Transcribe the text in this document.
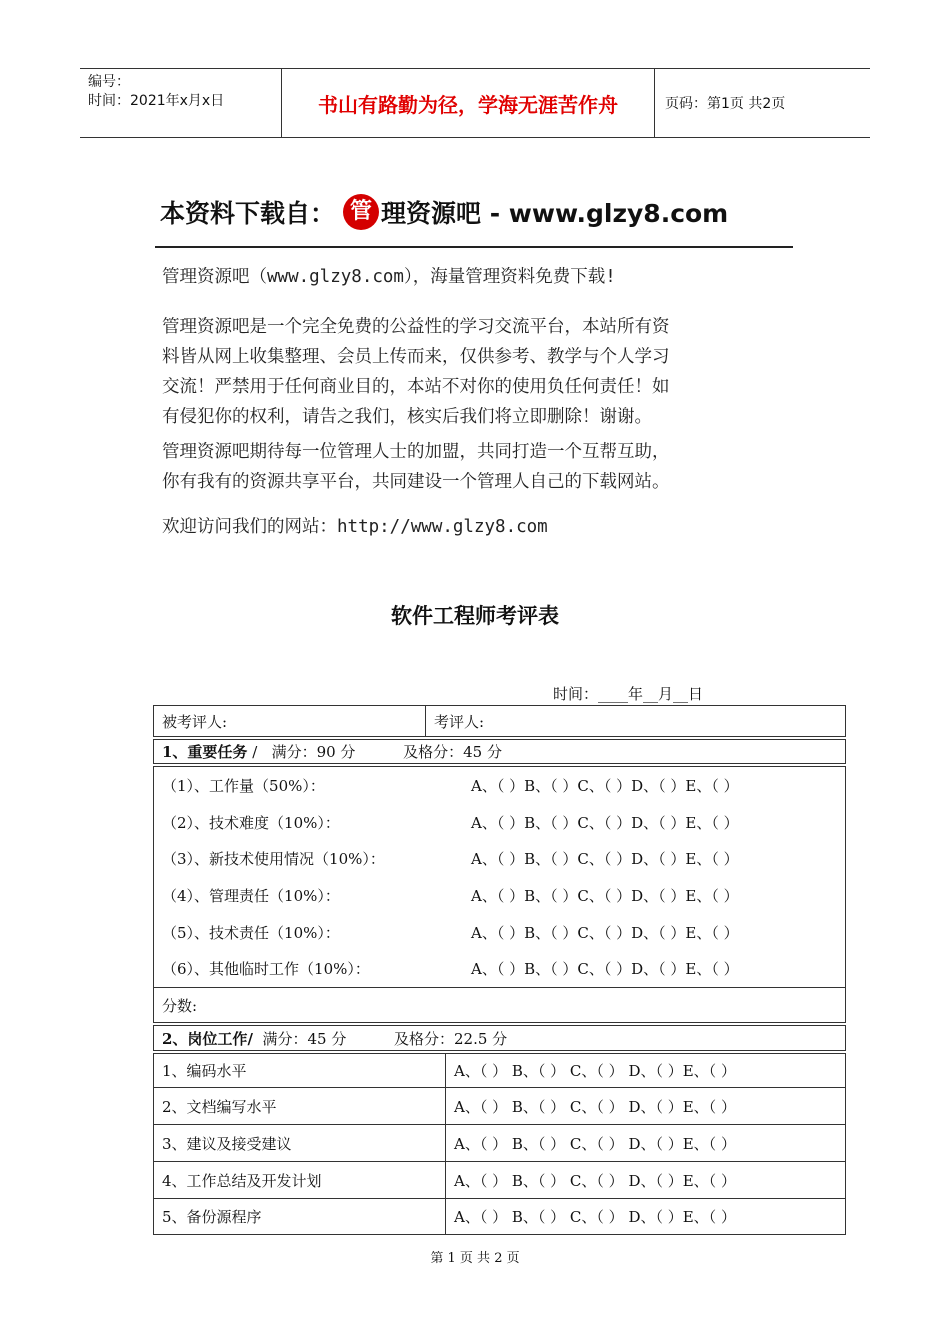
编号：
时间：2021年x月x日	书山有路勤为径，学海无涯苦作舟	页码：第1页 共2页
本资料下载自： 管 理资源吧 - www.glzy8.com
管理资源吧（www.glzy8.com），海量管理资料免费下载!
管理资源吧是一个完全免费的公益性的学习交流平台，本站所有资
料皆从网上收集整理、会员上传而来，仅供参考、教学与个人学习
交流！严禁用于任何商业目的，本站不对你的使用负任何责任！如
有侵犯你的权利，请告之我们，核实后我们将立即删除！谢谢。
管理资源吧期待每一位管理人士的加盟，共同打造一个互帮互助，
你有我有的资源共享平台，共同建设一个管理人自己的下载网站。
欢迎访问我们的网站：http://www.glzy8.com
软件工程师考评表
时间：____年__月__日
被考评人:	考评人:
1、重要任务 /   满分：90 分          及格分：45 分
（1）、工作量（50%）：	A、（ ）B、（ ）C、（ ）D、（ ）E、（ ）
（2）、技术难度（10%）：	A、（ ）B、（ ）C、（ ）D、（ ）E、（ ）
（3）、新技术使用情况（10%）：	A、（ ）B、（ ）C、（ ）D、（ ）E、（ ）
（4）、管理责任（10%）：	A、（ ）B、（ ）C、（ ）D、（ ）E、（ ）
（5）、技术责任（10%）：	A、（ ）B、（ ）C、（ ）D、（ ）E、（ ）
（6）、其他临时工作（10%）：	A、（ ）B、（ ）C、（ ）D、（ ）E、（ ）
分数:
2、岗位工作/ 满分：45 分          及格分：22.5 分
1、编码水平	A、（ ） B、（ ） C、（ ） D、（ ）E、（ ）
2、文档编写水平	A、（ ） B、（ ） C、（ ） D、（ ）E、（ ）
3、建议及接受建议	A、（ ） B、（ ） C、（ ） D、（ ）E、（ ）
4、工作总结及开发计划	A、（ ） B、（ ） C、（ ） D、（ ）E、（ ）
5、备份源程序	A、（ ） B、（ ） C、（ ） D、（ ）E、（ ）
第 1 页 共 2 页
